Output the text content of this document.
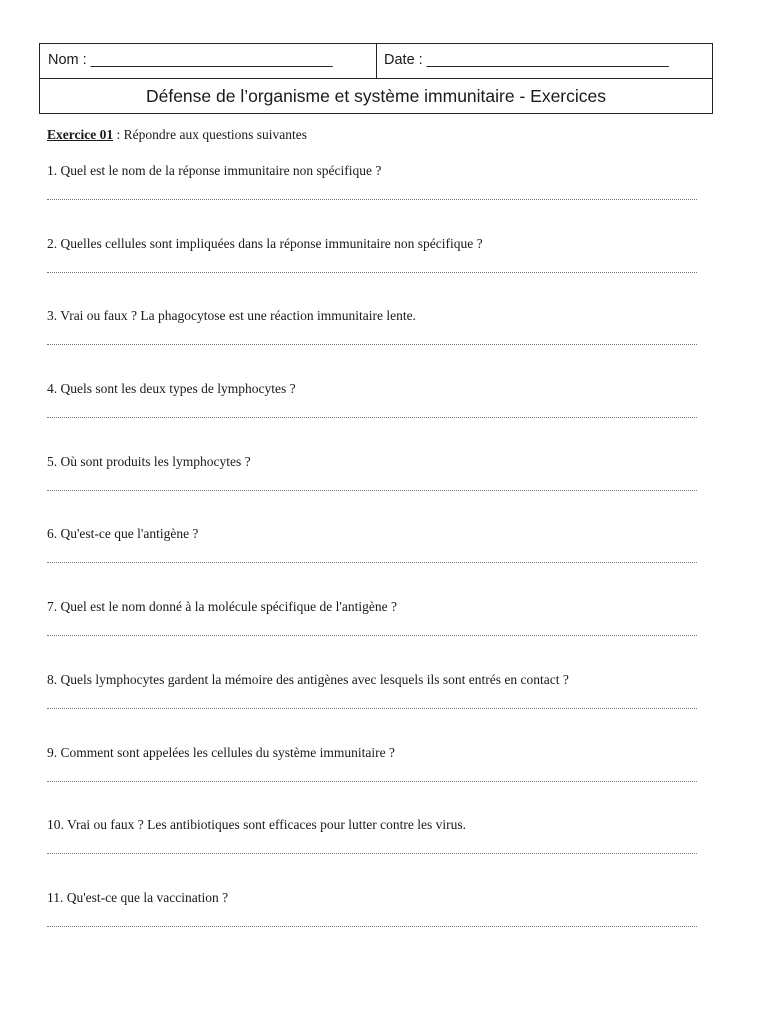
Nom : ______________________________	Date : ______________________________
Défense de l’organisme et système immunitaire - Exercices
Exercice 01 : Répondre aux questions suivantes
1. Quel est le nom de la réponse immunitaire non spécifique ?
2. Quelles cellules sont impliquées dans la réponse immunitaire non spécifique ?
3. Vrai ou faux ? La phagocytose est une réaction immunitaire lente.
4. Quels sont les deux types de lymphocytes ?
5. Où sont produits les lymphocytes ?
6. Qu'est-ce que l'antigène ?
7. Quel est le nom donné à la molécule spécifique de l'antigène ?
8. Quels lymphocytes gardent la mémoire des antigènes avec lesquels ils sont entrés en contact ?
9. Comment sont appelées les cellules du système immunitaire ?
10. Vrai ou faux ? Les antibiotiques sont efficaces pour lutter contre les virus.
11. Qu'est-ce que la vaccination ?
